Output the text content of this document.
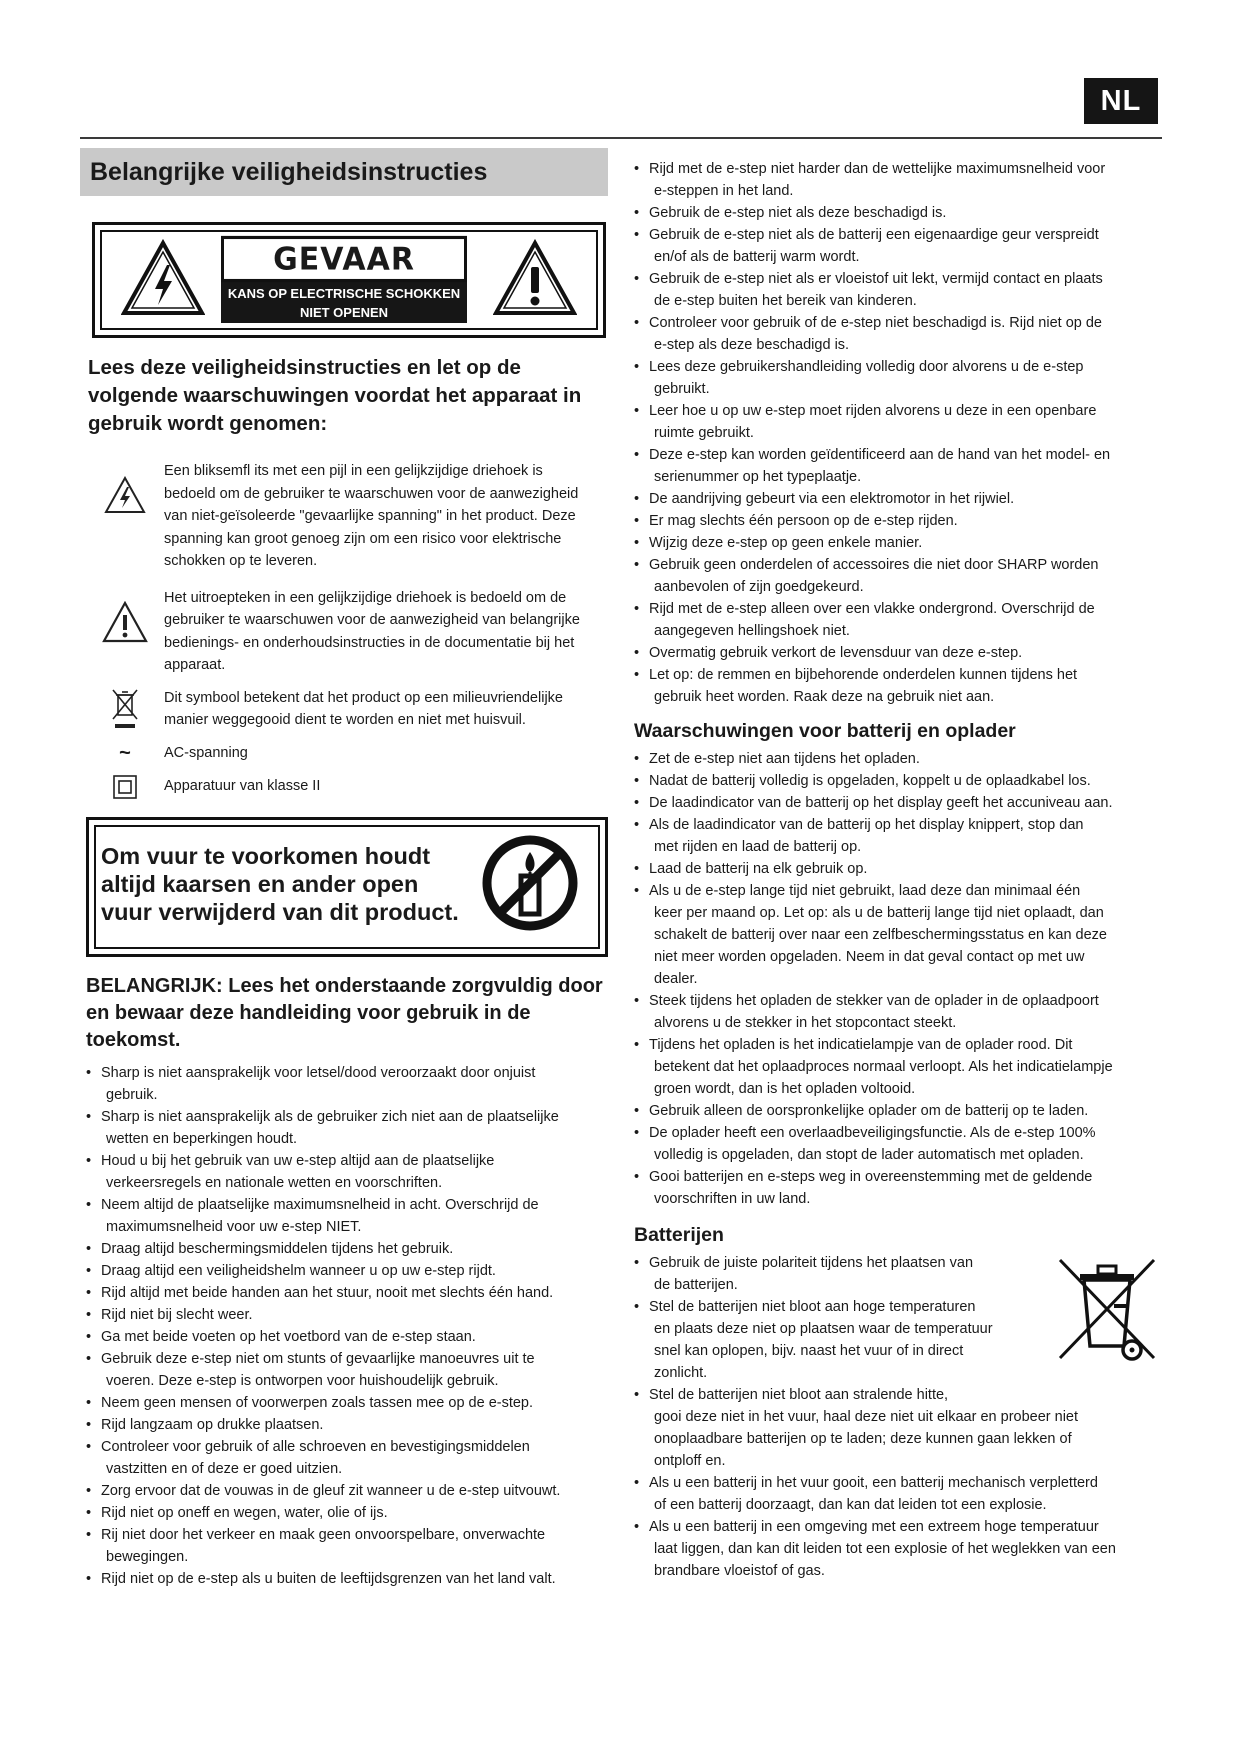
NL
Belangrijke veiligheidsinstructies
GEVAAR
KANS OP ELECTRISCHE SCHOKKEN
NIET OPENEN
Lees deze veiligheidsinstructies en let op de volgende waarschuwingen voordat het apparaat in gebruik wordt genomen:
Een bliksemfl its met een pijl in een gelijkzijdige driehoek is bedoeld om de gebruiker te waarschuwen voor de aanwezigheid van niet-geïsoleerde "gevaarlijke spanning" in het product. Deze spanning kan groot genoeg zijn om een risico voor elektrische schokken op te leveren.
Het uitroepteken in een gelijkzijdige driehoek is bedoeld om de gebruiker te waarschuwen voor de aanwezigheid van belangrijke bedienings- en onderhoudsinstructies in de documentatie bij het apparaat.
Dit symbool betekent dat het product op een milieuvriendelijke manier weggegooid dient te worden en niet met huisvuil.
~	AC-spanning
Apparatuur van klasse II
Om vuur te voorkomen houdt altijd kaarsen en ander open vuur verwijderd van dit product.
BELANGRIJK: Lees het onderstaande zorgvuldig door en bewaar deze handleiding voor gebruik in de toekomst.
• Sharp is niet aansprakelijk voor letsel/dood veroorzaakt door onjuist
gebruik.
• Sharp is niet aansprakelijk als de gebruiker zich niet aan de plaatselijke
wetten en beperkingen houdt.
• Houd u bij het gebruik van uw e-step altijd aan de plaatselijke
verkeersregels en nationale wetten en voorschriften.
• Neem altijd de plaatselijke maximumsnelheid in acht. Overschrijd de
maximumsnelheid voor uw e-step NIET.
• Draag altijd beschermingsmiddelen tijdens het gebruik.
• Draag altijd een veiligheidshelm wanneer u op uw e-step rijdt.
• Rijd altijd met beide handen aan het stuur, nooit met slechts één hand.
• Rijd niet bij slecht weer.
• Ga met beide voeten op het voetbord van de e-step staan.
• Gebruik deze e-step niet om stunts of gevaarlijke manoeuvres uit te
voeren. Deze e-step is ontworpen voor huishoudelijk gebruik.
• Neem geen mensen of voorwerpen zoals tassen mee op de e-step.
• Rijd langzaam op drukke plaatsen.
• Controleer voor gebruik of alle schroeven en bevestigingsmiddelen
vastzitten en of deze er goed uitzien.
• Zorg ervoor dat de vouwas in de gleuf zit wanneer u de e-step uitvouwt.
• Rijd niet op oneff en wegen, water, olie of ijs.
• Rij niet door het verkeer en maak geen onvoorspelbare, onverwachte
bewegingen.
• Rijd niet op de e-step als u buiten de leeftijdsgrenzen van het land valt.
• Rijd met de e-step niet harder dan de wettelijke maximumsnelheid voor
e-steppen in het land.
• Gebruik de e-step niet als deze beschadigd is.
• Gebruik de e-step niet als de batterij een eigenaardige geur verspreidt
en/of als de batterij warm wordt.
• Gebruik de e-step niet als er vloeistof uit lekt, vermijd contact en plaats
de e-step buiten het bereik van kinderen.
• Controleer voor gebruik of de e-step niet beschadigd is. Rijd niet op de
e-step als deze beschadigd is.
• Lees deze gebruikershandleiding volledig door alvorens u de e-step
gebruikt.
• Leer hoe u op uw e-step moet rijden alvorens u deze in een openbare
ruimte gebruikt.
• Deze e-step kan worden geïdentificeerd aan de hand van het model- en
serienummer op het typeplaatje.
• De aandrijving gebeurt via een elektromotor in het rijwiel.
• Er mag slechts één persoon op de e-step rijden.
• Wijzig deze e-step op geen enkele manier.
• Gebruik geen onderdelen of accessoires die niet door SHARP worden
aanbevolen of zijn goedgekeurd.
• Rijd met de e-step alleen over een vlakke ondergrond. Overschrijd de
aangegeven hellingshoek niet.
• Overmatig gebruik verkort de levensduur van deze e-step.
• Let op: de remmen en bijbehorende onderdelen kunnen tijdens het
gebruik heet worden. Raak deze na gebruik niet aan.
Waarschuwingen voor batterij en oplader
• Zet de e-step niet aan tijdens het opladen.
• Nadat de batterij volledig is opgeladen, koppelt u de oplaadkabel los.
• De laadindicator van de batterij op het display geeft het accuniveau aan.
• Als de laadindicator van de batterij op het display knippert, stop dan
met rijden en laad de batterij op.
• Laad de batterij na elk gebruik op.
• Als u de e-step lange tijd niet gebruikt, laad deze dan minimaal één
keer per maand op. Let op: als u de batterij lange tijd niet oplaadt, dan
schakelt de batterij over naar een zelfbeschermingsstatus en kan deze
niet meer worden opgeladen. Neem in dat geval contact op met uw
dealer.
• Steek tijdens het opladen de stekker van de oplader in de oplaadpoort
alvorens u de stekker in het stopcontact steekt.
• Tijdens het opladen is het indicatielampje van de oplader rood. Dit
betekent dat het oplaadproces normaal verloopt. Als het indicatielampje
groen wordt, dan is het opladen voltooid.
• Gebruik alleen de oorspronkelijke oplader om de batterij op te laden.
• De oplader heeft een overlaadbeveiligingsfunctie. Als de e-step 100%
volledig is opgeladen, dan stopt de lader automatisch met opladen.
• Gooi batterijen en e-steps weg in overeenstemming met de geldende
voorschriften in uw land.
Batterijen
• Gebruik de juiste polariteit tijdens het plaatsen van
de batterijen.
• Stel de batterijen niet bloot aan hoge temperaturen
en plaats deze niet op plaatsen waar de temperatuur
snel kan oplopen, bijv. naast het vuur of in direct
zonlicht.
• Stel de batterijen niet bloot aan stralende hitte,
gooi deze niet in het vuur, haal deze niet uit elkaar en probeer niet
onoplaadbare batterijen op te laden; deze kunnen gaan lekken of
ontploff en.
• Als u een batterij in het vuur gooit, een batterij mechanisch verpletterd
of een batterij doorzaagt, dan kan dat leiden tot een explosie.
• Als u een batterij in een omgeving met een extreem hoge temperatuur
laat liggen, dan kan dit leiden tot een explosie of het weglekken van een
brandbare vloeistof of gas.
